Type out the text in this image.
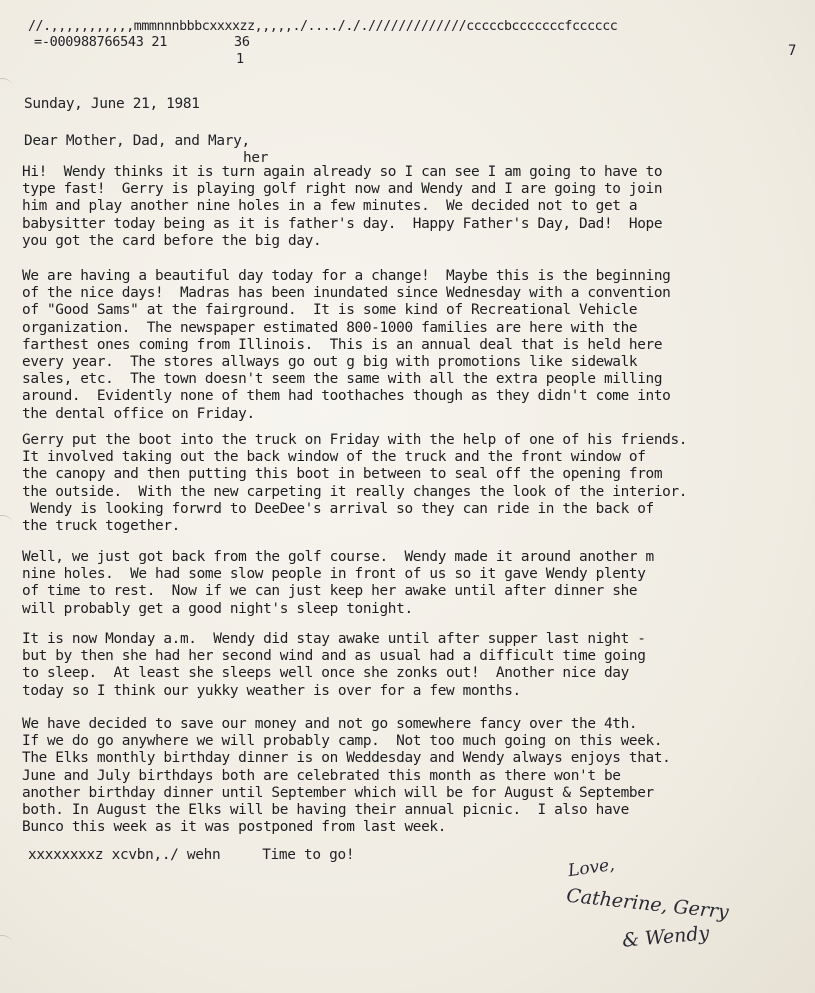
//.,,,,,,,,,,,mmmnnnbbbcxxxxzz,,,,,./..../././////////////cccccbcccccccfcccccc
=-000988766543 21	36
1	7
Sunday, June 21, 1981
Dear Mother, Dad, and Mary,
her
Hi!  Wendy thinks it is turn again already so I can see I am going to have to
type fast!  Gerry is playing golf right now and Wendy and I are going to join
him and play another nine holes in a few minutes.  We decided not to get a
babysitter today being as it is father's day.  Happy Father's Day, Dad!  Hope
you got the card before the big day.
We are having a beautiful day today for a change!  Maybe this is the beginning
of the nice days!  Madras has been inundated since Wednesday with a convention
of "Good Sams" at the fairground.  It is some kind of Recreational Vehicle
organization.  The newspaper estimated 800-1000 families are here with the
farthest ones coming from Illinois.  This is an annual deal that is held here
every year.  The stores allways go out g big with promotions like sidewalk
sales, etc.  The town doesn't seem the same with all the extra people milling
around.  Evidently none of them had toothaches though as they didn't come into
the dental office on Friday.
Gerry put the boot into the truck on Friday with the help of one of his friends.
It involved taking out the back window of the truck and the front window of
the canopy and then putting this boot in between to seal off the opening from
the outside.  With the new carpeting it really changes the look of the interior.
Wendy is looking forwrd to DeeDee's arrival so they can ride in the back of
the truck together.
Well, we just got back from the golf course.  Wendy made it around another m
nine holes.  We had some slow people in front of us so it gave Wendy plenty
of time to rest.  Now if we can just keep her awake until after dinner she
will probably get a good night's sleep tonight.
It is now Monday a.m.  Wendy did stay awake until after supper last night -
but by then she had her second wind and as usual had a difficult time going
to sleep.  At least she sleeps well once she zonks out!  Another nice day
today so I think our yukky weather is over for a few months.
We have decided to save our money and not go somewhere fancy over the 4th.
If we do go anywhere we will probably camp.  Not too much going on this week.
The Elks monthly birthday dinner is on Weddesday and Wendy always enjoys that.
June and July birthdays both are celebrated this month as there won't be
another birthday dinner until September which will be for August & September
both. In August the Elks will be having their annual picnic.  I also have
Bunco this week as it was postponed from last week.
xxxxxxxxz xcvbn,./ wehn     Time to go!	Love,
Catherine, Gerry
& Wendy
